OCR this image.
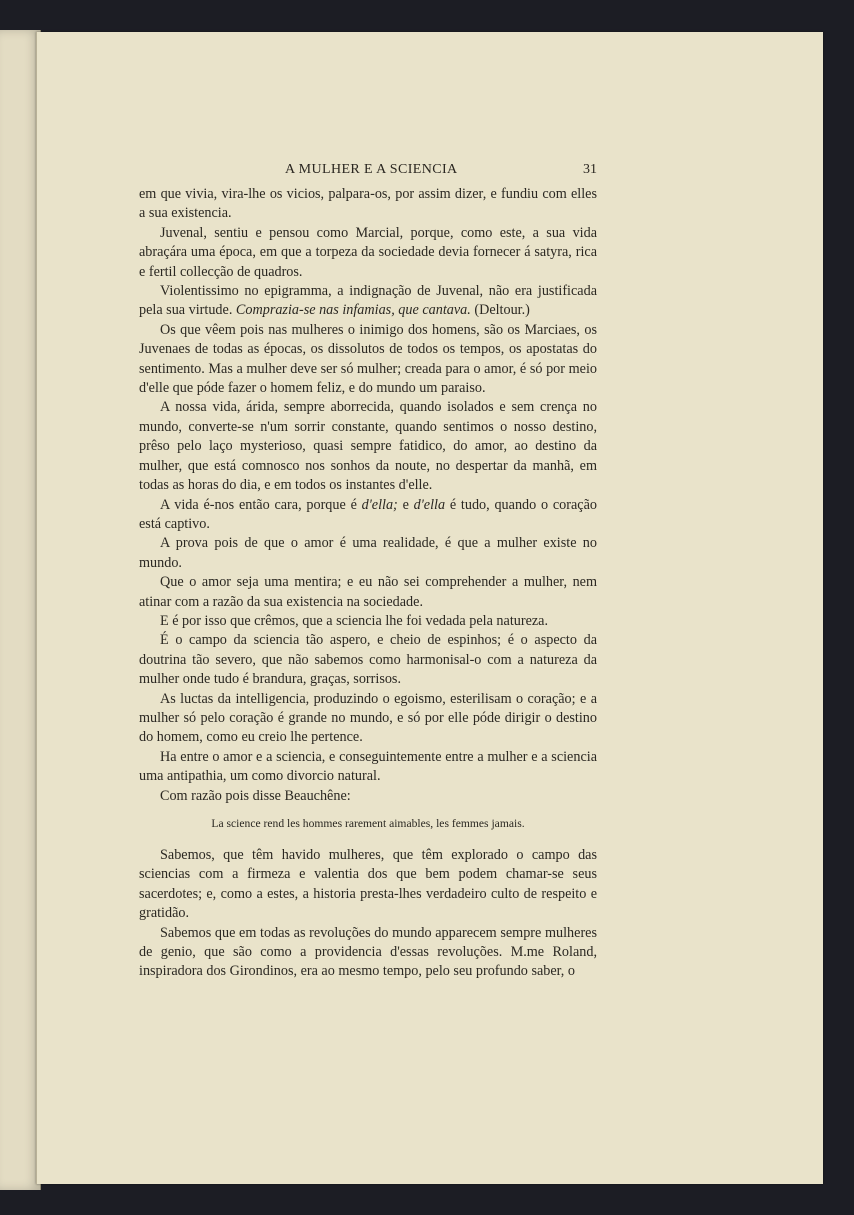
A MULHER E A SCIENCIA	31

em que vivia, vira-lhe os vicios, palpara-os, por assim dizer, e fundiu com elles a sua existencia.

Juvenal, sentiu e pensou como Marcial, porque, como este, a sua vida abraçára uma época, em que a torpeza da sociedade devia fornecer á satyra, rica e fertil collecção de quadros.

Violentissimo no epigramma, a indignação de Juvenal, não era justificada pela sua virtude. Comprazia-se nas infamias, que cantava. (Deltour.)

Os que vêem pois nas mulheres o inimigo dos homens, são os Marciaes, os Juvenaes de todas as épocas, os dissolutos de todos os tempos, os apostatas do sentimento. Mas a mulher deve ser só mulher; creada para o amor, é só por meio d'elle que póde fazer o homem feliz, e do mundo um paraiso.

A nossa vida, árida, sempre aborrecida, quando isolados e sem crença no mundo, converte-se n'um sorrir constante, quando sentimos o nosso destino, prêso pelo laço mysterioso, quasi sempre fatidico, do amor, ao destino da mulher, que está comnosco nos sonhos da noute, no despertar da manhã, em todas as horas do dia, e em todos os instantes d'elle.

A vida é-nos então cara, porque é d'ella; e d'ella é tudo, quando o coração está captivo.

A prova pois de que o amor é uma realidade, é que a mulher existe no mundo.

Que o amor seja uma mentira; e eu não sei comprehender a mulher, nem atinar com a razão da sua existencia na sociedade.

E é por isso que crêmos, que a sciencia lhe foi vedada pela natureza.

É o campo da sciencia tão aspero, e cheio de espinhos; é o aspecto da doutrina tão severo, que não sabemos como harmonisal-o com a natureza da mulher onde tudo é brandura, graças, sorrisos.

As luctas da intelligencia, produzindo o egoismo, esterilisam o coração; e a mulher só pelo coração é grande no mundo, e só por elle póde dirigir o destino do homem, como eu creio lhe pertence.

Ha entre o amor e a sciencia, e conseguintemente entre a mulher e a sciencia uma antipathia, um como divorcio natural.

Com razão pois disse Beauchêne:

La science rend les hommes rarement aimables, les femmes jamais.

Sabemos, que têm havido mulheres, que têm explorado o campo das sciencias com a firmeza e valentia dos que bem podem chamar-se seus sacerdotes; e, como a estes, a historia presta-lhes verdadeiro culto de respeito e gratidão.

Sabemos que em todas as revoluções do mundo apparecem sempre mulheres de genio, que são como a providencia d'essas revoluções. M.me Roland, inspiradora dos Girondinos, era ao mesmo tempo, pelo seu profundo saber, o
